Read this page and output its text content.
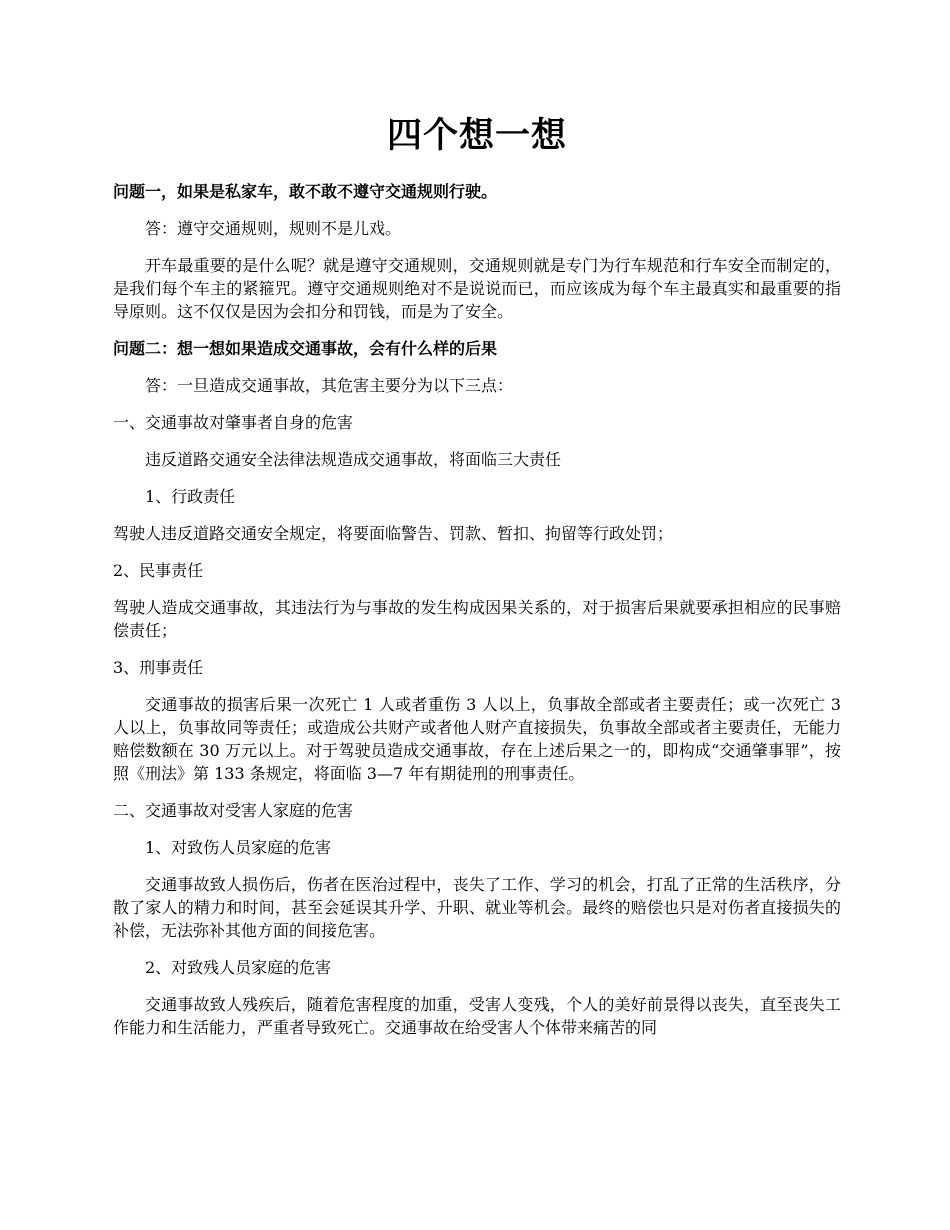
四个想一想

问题一，如果是私家车，敢不敢不遵守交通规则行驶。

答：遵守交通规则，规则不是儿戏。

开车最重要的是什么呢？就是遵守交通规则，交通规则就是专门为行车规范和行车安全而制定的，是我们每个车主的紧箍咒。遵守交通规则绝对不是说说而已，而应该成为每个车主最真实和最重要的指导原则。这不仅仅是因为会扣分和罚钱，而是为了安全。

问题二：想一想如果造成交通事故，会有什么样的后果

答：一旦造成交通事故，其危害主要分为以下三点：

一、交通事故对肇事者自身的危害

违反道路交通安全法律法规造成交通事故，将面临三大责任

1、行政责任

驾驶人违反道路交通安全规定，将要面临警告、罚款、暂扣、拘留等行政处罚；

2、民事责任

驾驶人造成交通事故，其违法行为与事故的发生构成因果关系的，对于损害后果就要承担相应的民事赔偿责任；

3、刑事责任

交通事故的损害后果一次死亡 1 人或者重伤 3 人以上，负事故全部或者主要责任；或一次死亡 3 人以上，负事故同等责任；或造成公共财产或者他人财产直接损失，负事故全部或者主要责任，无能力赔偿数额在 30 万元以上。对于驾驶员造成交通事故，存在上述后果之一的，即构成“交通肇事罪”，按照《刑法》第 133 条规定，将面临 3—7 年有期徒刑的刑事责任。

二、交通事故对受害人家庭的危害

1、对致伤人员家庭的危害

交通事故致人损伤后，伤者在医治过程中，丧失了工作、学习的机会，打乱了正常的生活秩序，分散了家人的精力和时间，甚至会延误其升学、升职、就业等机会。最终的赔偿也只是对伤者直接损失的补偿，无法弥补其他方面的间接危害。

2、对致残人员家庭的危害

交通事故致人残疾后，随着危害程度的加重，受害人变残，个人的美好前景得以丧失，直至丧失工作能力和生活能力，严重者导致死亡。交通事故在给受害人个体带来痛苦的同
